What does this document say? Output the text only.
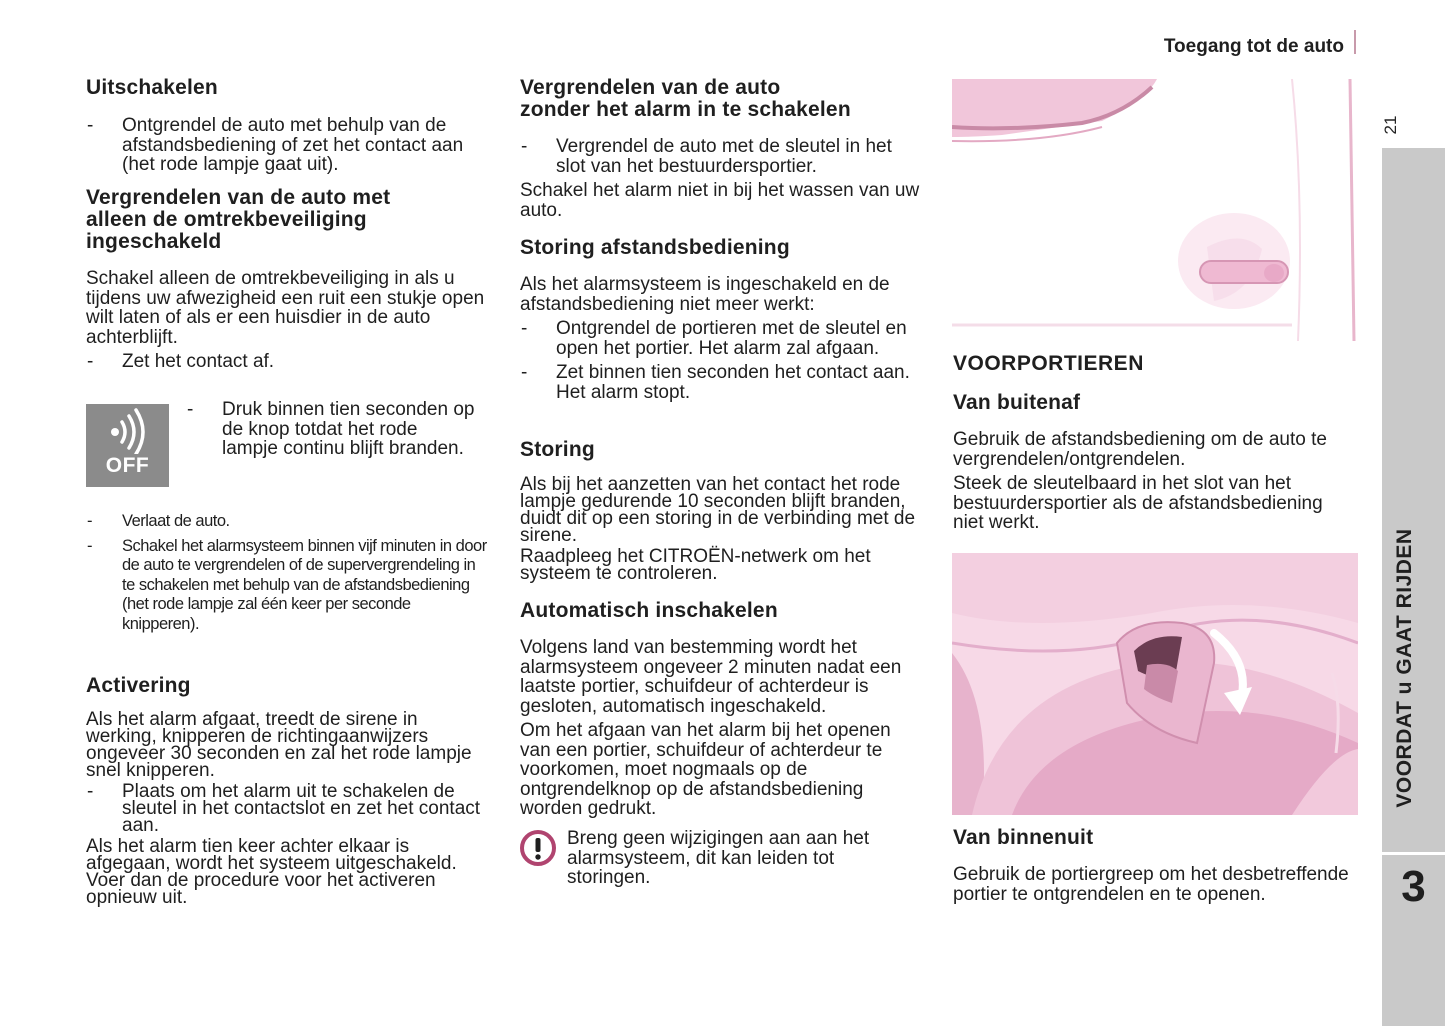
Toegang tot de auto
21
VOORDAT u GAAT RIJDEN
3
Uitschakelen

- Ontgrendel de auto met behulp van de afstandsbediening of zet het contact aan (het rode lampje gaat uit).

Vergrendelen van de auto met
alleen de omtrekbeveiliging
ingeschakeld

Schakel alleen de omtrekbeveiliging in als u tijdens uw afwezigheid een ruit een stukje open wilt laten of als er een huisdier in de auto achterblijft.

- Zet het contact af.

OFF

- Druk binnen tien seconden op de knop totdat het rode lampje continu blijft branden.

- Verlaat de auto.

- Schakel het alarmsysteem binnen vijf minuten in door de auto te vergrendelen of de supervergrendeling in te schakelen met behulp van de afstandsbediening (het rode lampje zal één keer per seconde knipperen).

Activering

Als het alarm afgaat, treedt de sirene in werking, knipperen de richtingaanwijzers ongeveer 30 seconden en zal het rode lampje snel knipperen.

- Plaats om het alarm uit te schakelen de sleutel in het contactslot en zet het contact aan.

Als het alarm tien keer achter elkaar is afgegaan, wordt het systeem uitgeschakeld. Voer dan de procedure voor het activeren opnieuw uit.

Vergrendelen van de auto
zonder het alarm in te schakelen

- Vergrendel de auto met de sleutel in het slot van het bestuurdersportier.

Schakel het alarm niet in bij het wassen van uw auto.

Storing afstandsbediening

Als het alarmsysteem is ingeschakeld en de afstandsbediening niet meer werkt:

- Ontgrendel de portieren met de sleutel en open het portier. Het alarm zal afgaan.

- Zet binnen tien seconden het contact aan. Het alarm stopt.

Storing

Als bij het aanzetten van het contact het rode lampje gedurende 10 seconden blijft branden, duidt dit op een storing in de verbinding met de sirene.

Raadpleeg het CITROËN-netwerk om het systeem te controleren.

Automatisch inschakelen

Volgens land van bestemming wordt het alarmsysteem ongeveer 2 minuten nadat een laatste portier, schuifdeur of achterdeur is gesloten, automatisch ingeschakeld.

Om het afgaan van het alarm bij het openen van een portier, schuifdeur of achterdeur te voorkomen, moet nogmaals op de ontgrendelknop op de afstandsbediening worden gedrukt.

Breng geen wijzigingen aan aan het alarmsysteem, dit kan leiden tot storingen.

VOORPORTIEREN
Van buitenaf

Gebruik de afstandsbediening om de auto te vergrendelen/ontgrendelen.

Steek de sleutelbaard in het slot van het bestuurdersportier als de afstandsbediening niet werkt.

Van binnenuit

Gebruik de portiergreep om het desbetreffende portier te ontgrendelen en te openen.
